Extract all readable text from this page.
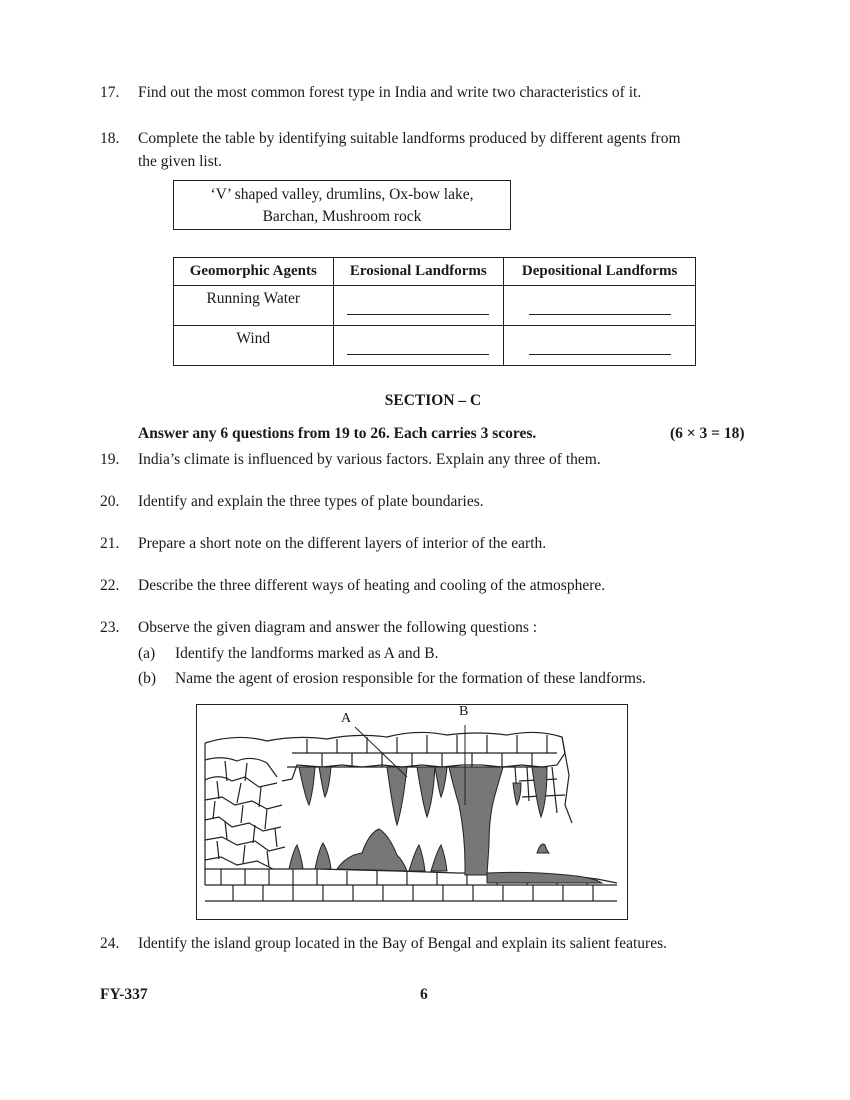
17. Find out the most common forest type in India and write two characteristics of it.
18. Complete the table by identifying suitable landforms produced by different agents from
the given list.
‘V’ shaped valley, drumlins, Ox-bow lake,
Barchan, Mushroom rock
Geomorphic Agents	Erosional Landforms	Depositional Landforms
Running Water		
Wind		
SECTION – C
Answer any 6 questions from 19 to 26. Each carries 3 scores.	(6 × 3 = 18)
19. India’s climate is influenced by various factors. Explain any three of them.
20. Identify and explain the three types of plate boundaries.
21. Prepare a short note on the different layers of interior of the earth.
22. Describe the three different ways of heating and cooling of the atmosphere.
23. Observe the given diagram and answer the following questions :
(a) Identify the landforms marked as A and B.
(b) Name the agent of erosion responsible for the formation of these landforms.
A	B
24. Identify the island group located in the Bay of Bengal and explain its salient features.
FY-337	6
